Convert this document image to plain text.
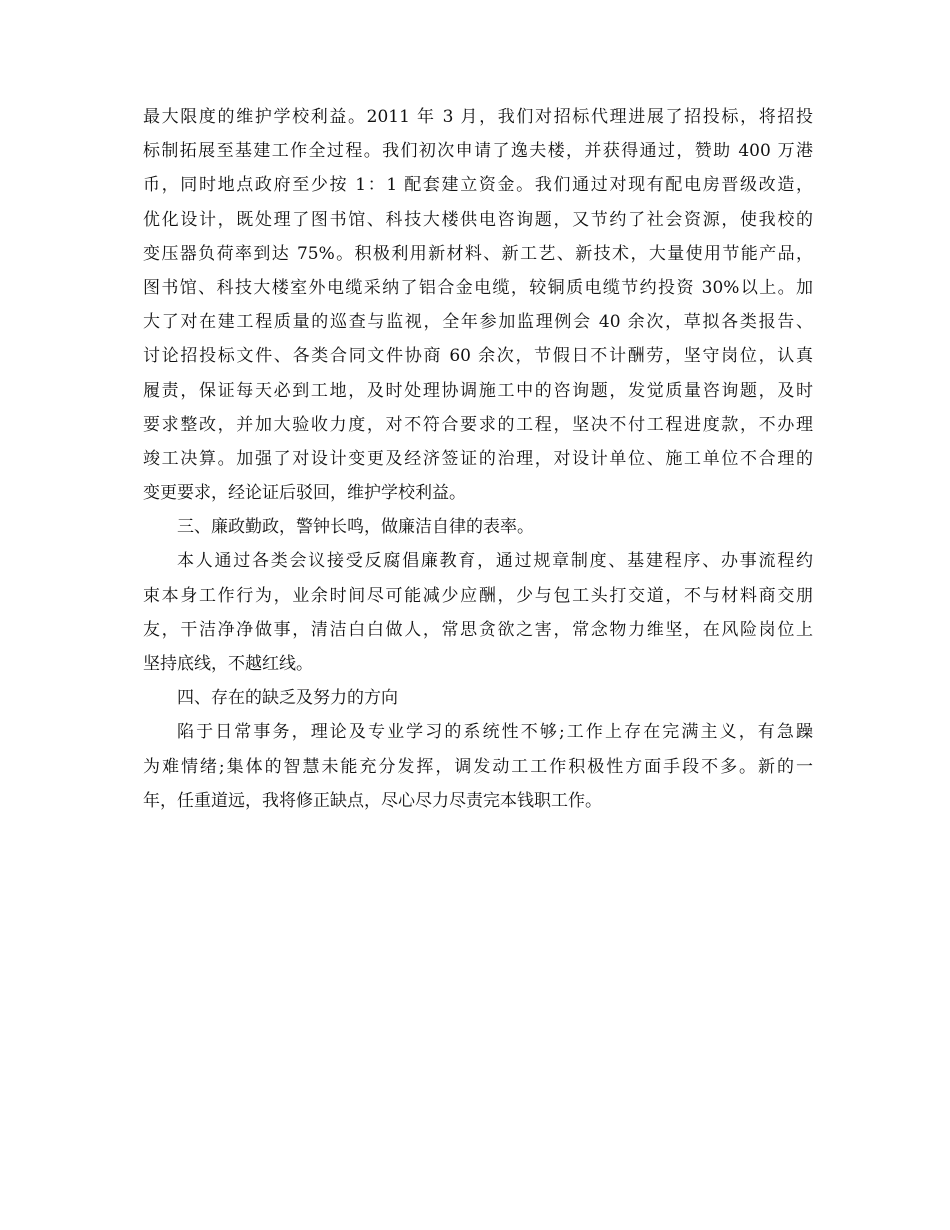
最大限度的维护学校利益。2011 年 3 月，我们对招标代理进展了招投标，将招投
标制拓展至基建工作全过程。我们初次申请了逸夫楼，并获得通过，赞助 400 万港
币，同时地点政府至少按 1：1 配套建立资金。我们通过对现有配电房晋级改造，
优化设计，既处理了图书馆、科技大楼供电咨询题，又节约了社会资源，使我校的
变压器负荷率到达 75%。积极利用新材料、新工艺、新技术，大量使用节能产品，
图书馆、科技大楼室外电缆采纳了铝合金电缆，较铜质电缆节约投资 30%以上。加
大了对在建工程质量的巡查与监视，全年参加监理例会 40 余次，草拟各类报告、
讨论招投标文件、各类合同文件协商 60 余次，节假日不计酬劳，坚守岗位，认真
履责，保证每天必到工地，及时处理协调施工中的咨询题，发觉质量咨询题，及时
要求整改，并加大验收力度，对不符合要求的工程，坚决不付工程进度款，不办理
竣工决算。加强了对设计变更及经济签证的治理，对设计单位、施工单位不合理的
变更要求，经论证后驳回，维护学校利益。
三、廉政勤政，警钟长鸣，做廉洁自律的表率。
本人通过各类会议接受反腐倡廉教育，通过规章制度、基建程序、办事流程约
束本身工作行为，业余时间尽可能减少应酬，少与包工头打交道，不与材料商交朋
友，干洁净净做事，清洁白白做人，常思贪欲之害，常念物力维坚，在风险岗位上
坚持底线，不越红线。
四、存在的缺乏及努力的方向
陷于日常事务，理论及专业学习的系统性不够;工作上存在完满主义，有急躁
为难情绪;集体的智慧未能充分发挥，调发动工工作积极性方面手段不多。新的一
年，任重道远，我将修正缺点，尽心尽力尽责完本钱职工作。
